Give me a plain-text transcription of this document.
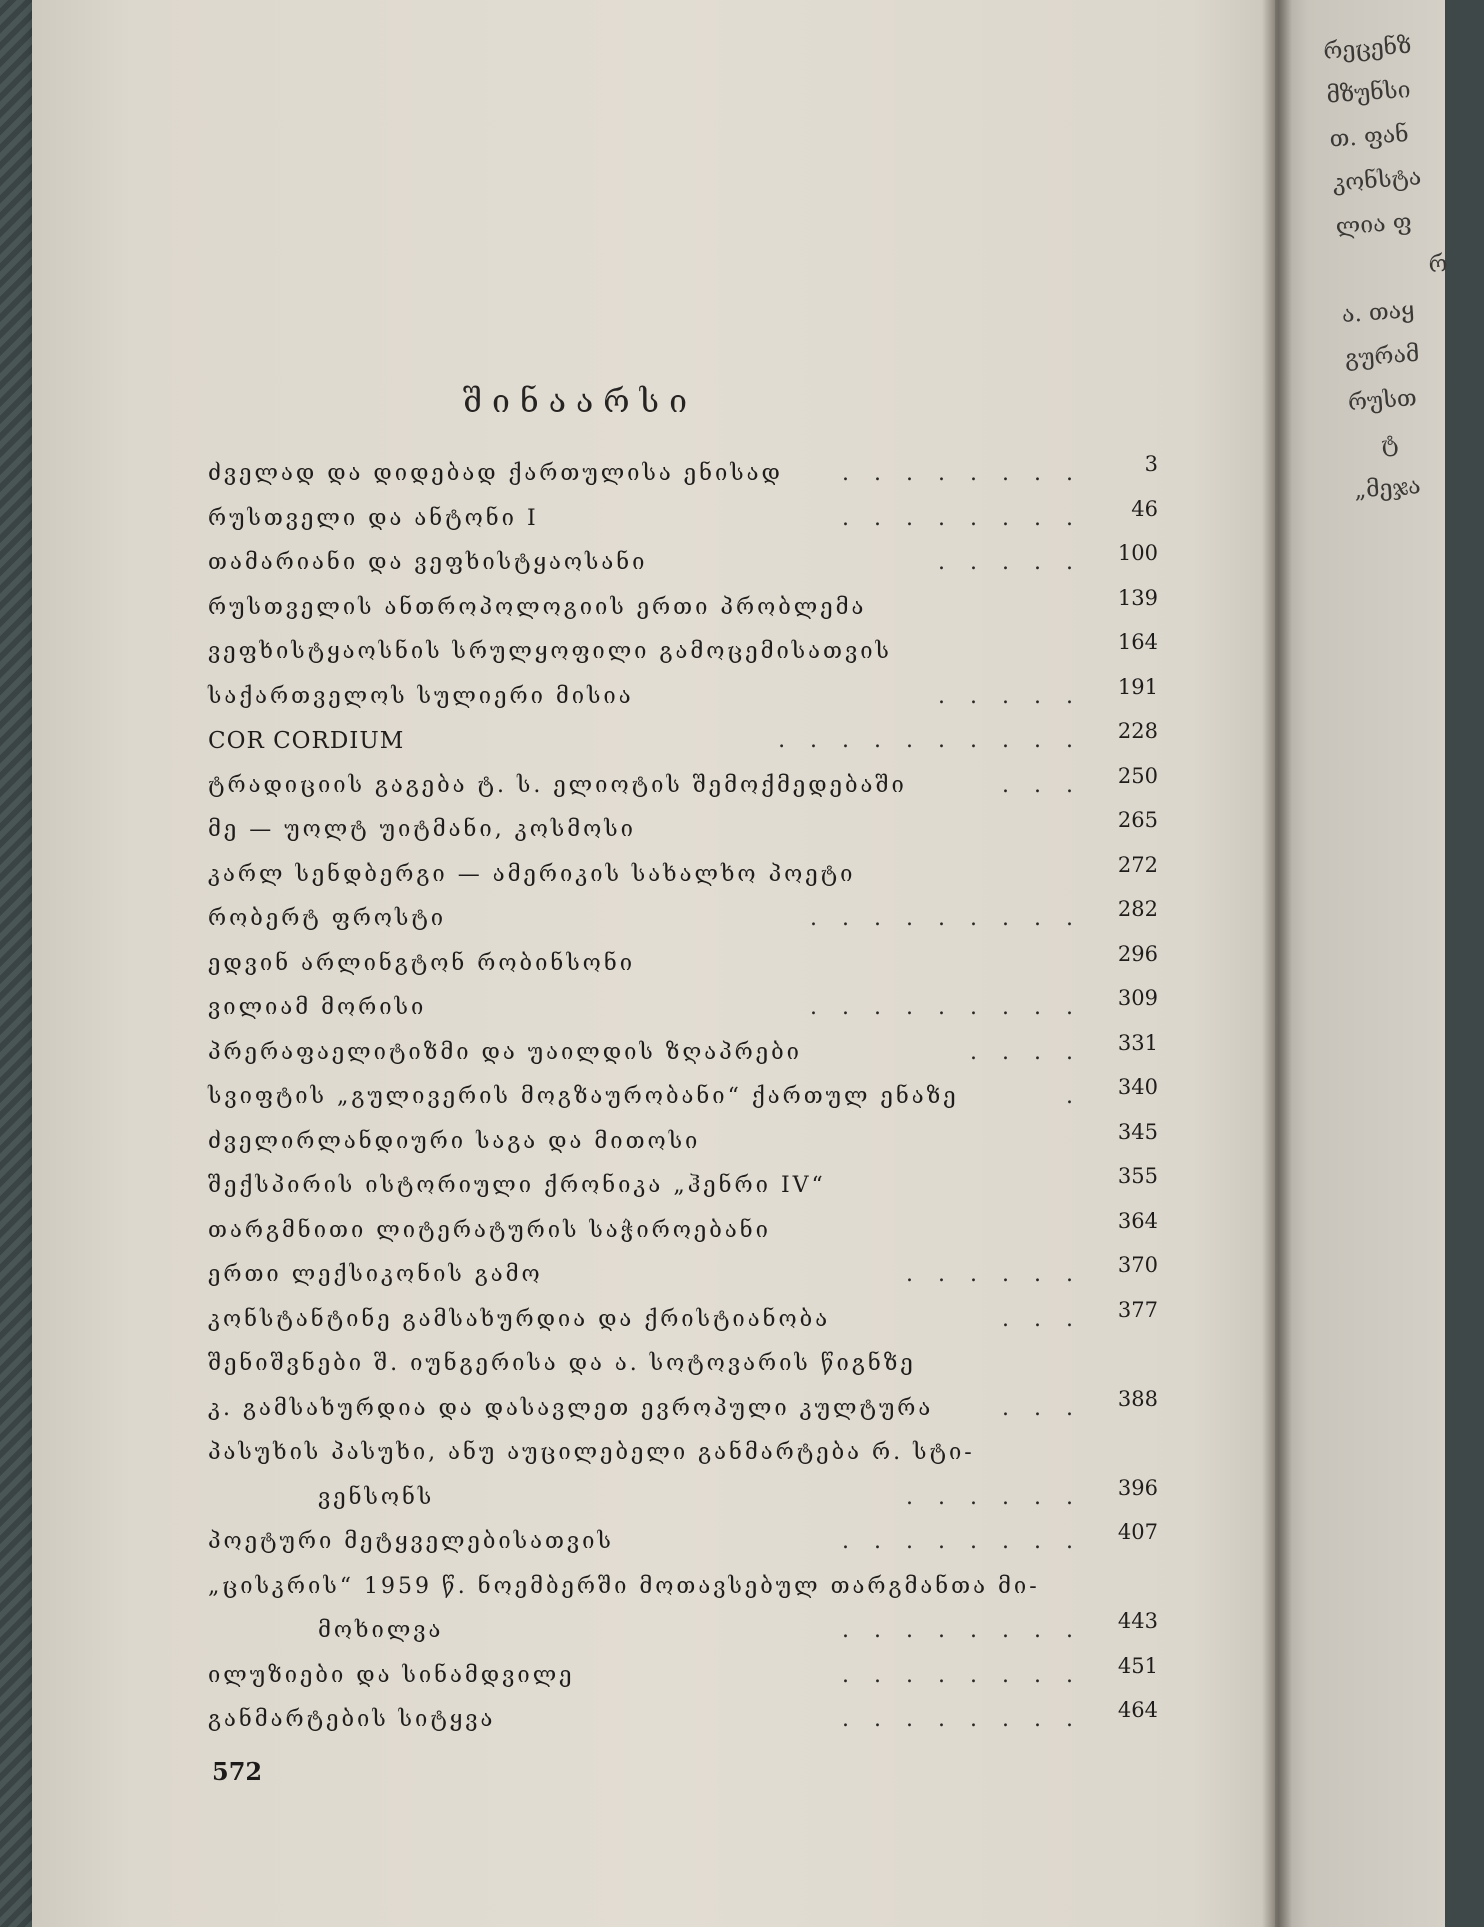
რეცენზ
მზუნსი
თ. ფან
კონსტა
ლია ფ
რ
ა. თაყ
გურამ
რუსთ
ტ
„მეჯა
შინაარსი
ძველად და დიდებად ქართულისა ენისად	........	3
რუსთველი და ანტონი I	........	46
თამარიანი და ვეფხისტყაოსანი	..... 100
რუსთველის ანთროპოლოგიის ერთი პრობლემა	139
ვეფხისტყაოსნის სრულყოფილი გამოცემისათვის	164
საქართველოს სულიერი მისია	..... 191
COR CORDIUM	.......... 228
ტრადიციის გაგება ტ. ს. ელიოტის შემოქმედებაში	... 250
მე — უოლტ უიტმანი, კოსმოსი	265
კარლ სენდბერგი — ამერიკის სახალხო პოეტი	272
რობერტ ფროსტი	......... 282
ედვინ არლინგტონ რობინსონი	296
ვილიამ მორისი	......... 309
პრერაფაელიტიზმი და უაილდის ზღაპრები	.... 331
სვიფტის „გულივერის მოგზაურობანი“ ქართულ ენაზე	. 340
ძველირლანდიური საგა და მითოსი	345
შექსპირის ისტორიული ქრონიკა „ჰენრი IV“	355
თარგმნითი ლიტერატურის საჭიროებანი	364
ერთი ლექსიკონის გამო	...... 370
კონსტანტინე გამსახურდია და ქრისტიანობა	... 377
შენიშვნები შ. იუნგერისა და ა. სოტოვარის წიგნზე
კ. გამსახურდია და დასავლეთ ევროპული კულტურა	... 388
პასუხის პასუხი, ანუ აუცილებელი განმარტება რ. სტი-
ვენსონს	...... 396
პოეტური მეტყველებისათვის	........ 407
„ცისკრის“ 1959 წ. ნოემბერში მოთავსებულ თარგმანთა მი-
მოხილვა	........ 443
ილუზიები და სინამდვილე	........ 451
განმარტების სიტყვა	........ 464
572
